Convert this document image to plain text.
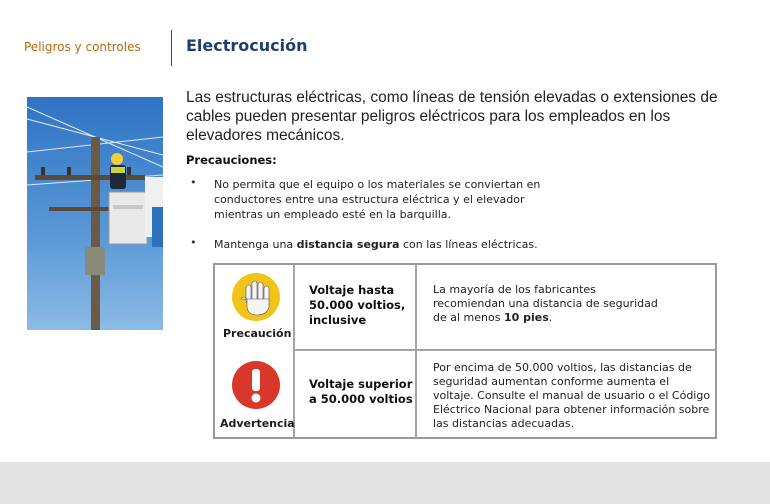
Peligros y controles	Electrocución
Las estructuras eléctricas, como líneas de tensión elevadas o extensiones de cables pueden presentar peligros eléctricos para los empleados en los elevadores mecánicos.
Precauciones:
• No permita que el equipo o los materiales se conviertan en conductores entre una estructura eléctrica y el elevador mientras un empleado esté en la barquilla.
• Mantenga una distancia segura con las líneas eléctricas.
Precaución
Voltaje hasta 50.000 voltios, inclusive
La mayoría de los fabricantes recomiendan una distancia de seguridad de al menos 10 pies.
Advertencia
Voltaje superior a 50.000 voltios
Por encima de 50.000 voltios, las distancias de seguridad aumentan conforme aumenta el voltaje. Consulte el manual de usuario o el Código Eléctrico Nacional para obtener información sobre las distancias adecuadas.
